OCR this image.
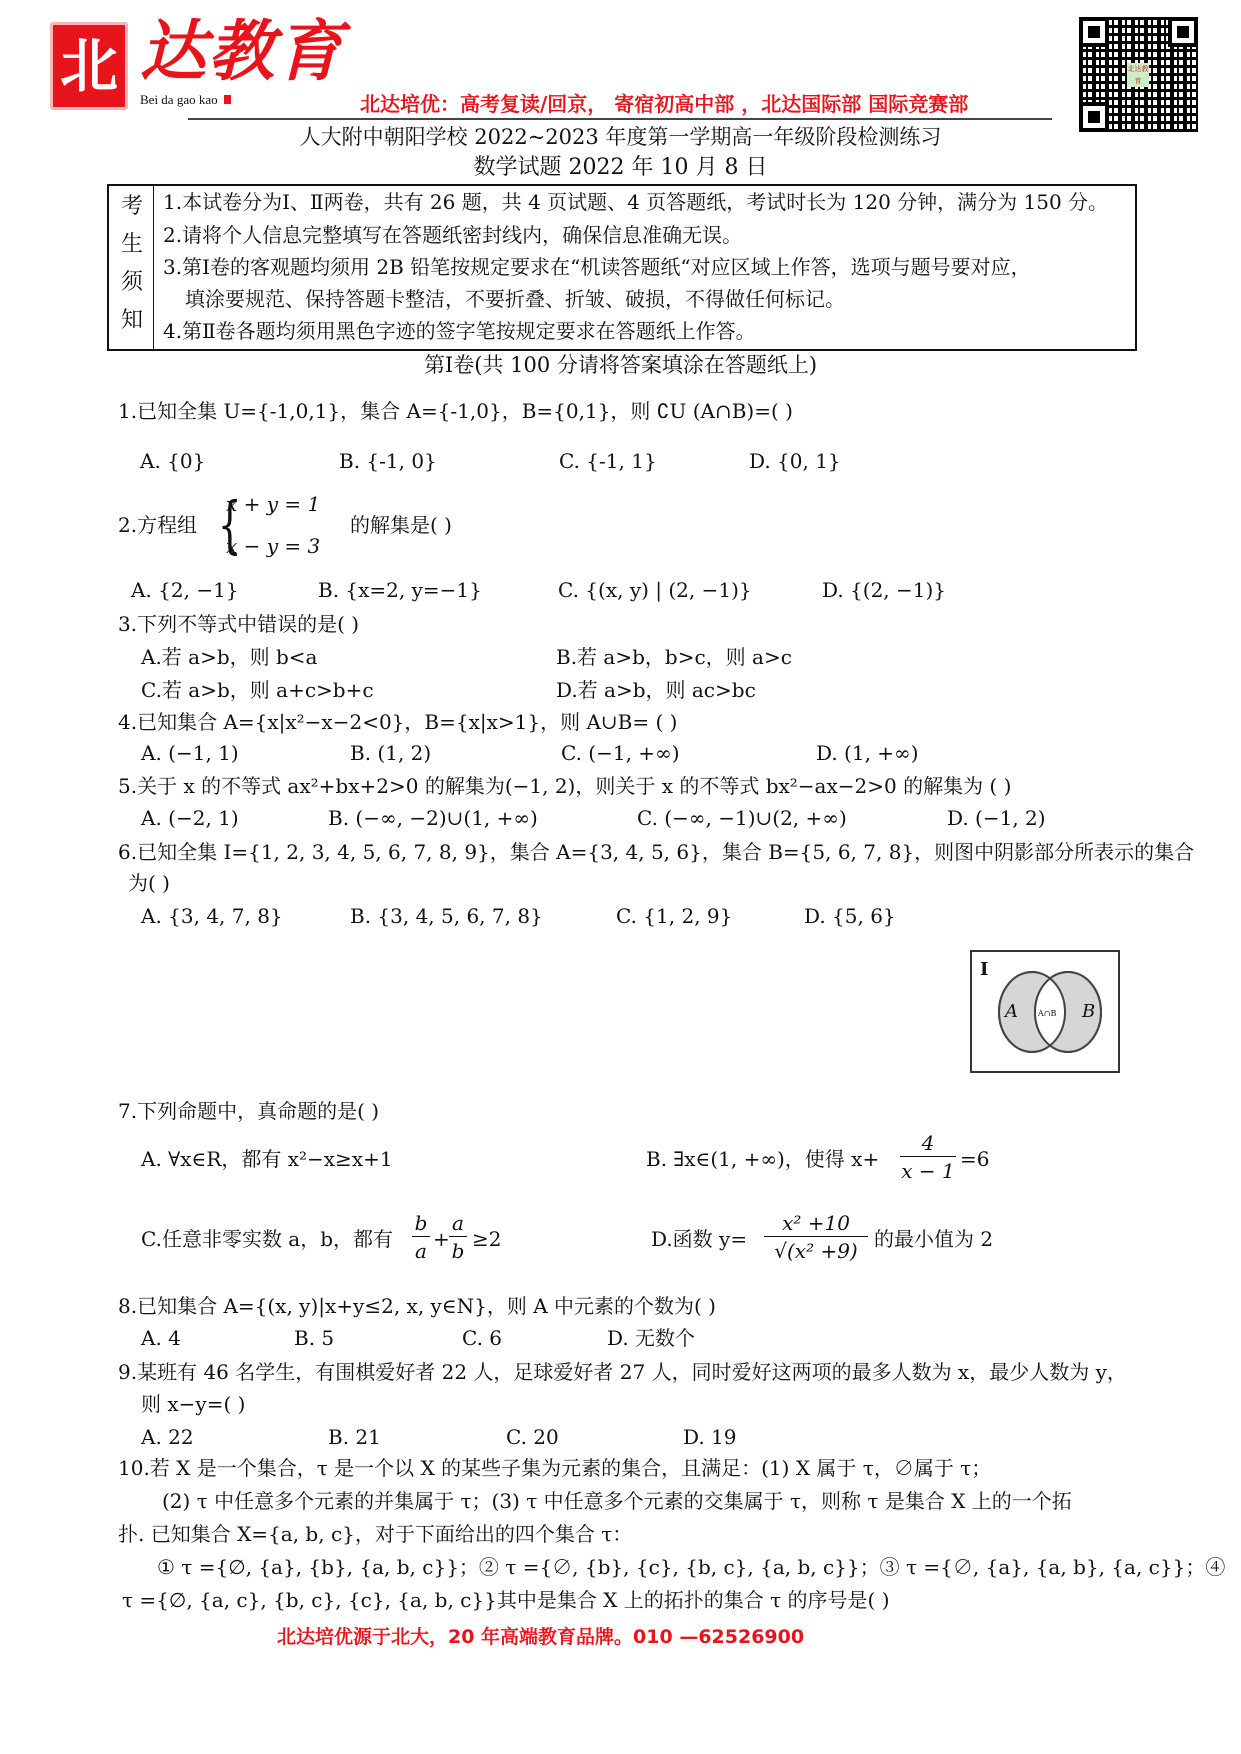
北 达教育
Bei da gao kao	北达培优：高考复读/回京， 寄宿初高中部 ，北达国际部 国际竞赛部
北达教育
人大附中朝阳学校 2022~2023 年度第一学期高一年级阶段检测练习
数学试题 2022 年 10 月 8 日
考
生
须
知
1.本试卷分为Ⅰ、Ⅱ两卷，共有 26 题，共 4 页试题、4 页答题纸，考试时长为 120 分钟，满分为 150 分。
2.请将个人信息完整填写在答题纸密封线内，确保信息准确无误。
3.第Ⅰ卷的客观题均须用 2B 铅笔按规定要求在“机读答题纸“对应区域上作答，选项与题号要对应，
填涂要规范、保持答题卡整洁，不要折叠、折皱、破损，不得做任何标记。
4.第Ⅱ卷各题均须用黑色字迹的签字笔按规定要求在答题纸上作答。
第Ⅰ卷(共 100 分请将答案填涂在答题纸上)
1.已知全集 U={-1,0,1}，集合 A={-1,0}，B={0,1}，则 ∁U (A∩B)=( )
A. {0}	B. {-1, 0}	C. {-1, 1}	D. {0, 1}
2.方程组 {
x + y = 1
x − y = 3
的解集是( )
A. {2, −1}	B. {x=2, y=−1}	C. {(x, y) | (2, −1)}	D. {(2, −1)}
3.下列不等式中错误的是( )
A.若 a>b，则 b<a	B.若 a>b，b>c，则 a>c
C.若 a>b，则 a+c>b+c	D.若 a>b，则 ac>bc
4.已知集合 A={x|x²−x−2<0}，B={x|x>1}，则 A∪B= ( )
A. (−1, 1)	B. (1, 2)	C. (−1, +∞)	D. (1, +∞)
5.关于 x 的不等式 ax²+bx+2>0 的解集为(−1, 2)，则关于 x 的不等式 bx²−ax−2>0 的解集为 ( )
A. (−2, 1)	B. (−∞, −2)∪(1, +∞)	C. (−∞, −1)∪(2, +∞)	D. (−1, 2)
6.已知全集 I={1, 2, 3, 4, 5, 6, 7, 8, 9}，集合 A={3, 4, 5, 6}，集合 B={5, 6, 7, 8}，则图中阴影部分所表示的集合
为( )
A. {3, 4, 7, 8}	B. {3, 4, 5, 6, 7, 8}	C. {1, 2, 9}	D. {5, 6}
I
A	A∩B B
7.下列命题中，真命题的是( )
A. ∀x∈R，都有 x²−x≥x+1	B. ∃x∈(1, +∞)，使得 $x+ \frac{4}{x - 1} =6$
C.任意非零实数 a，b，都有 $\frac{b}{a} + \frac{a}{b} \ge 2$	D.函数 $y= \frac{\text{x² +10}}{\text{√(x² +9)}}$ 的最小值为 2
8.已知集合 A={(x, y)|x+y≤2, x, y∈N}，则 A 中元素的个数为( )
A. 4	B. 5	C. 6	D. 无数个
9.某班有 46 名学生，有围棋爱好者 22 人，足球爱好者 27 人，同时爱好这两项的最多人数为 x，最少人数为 y，
则 x−y=( )
A. 22	B. 21	C. 20	D. 19
10.若 X 是一个集合，τ 是一个以 X 的某些子集为元素的集合，且满足：(1) X 属于 τ，∅属于 τ；
(2) τ 中任意多个元素的并集属于 τ；(3) τ 中任意多个元素的交集属于 τ，则称 τ 是集合 X 上的一个拓
扑. 已知集合 X={a, b, c}，对于下面给出的四个集合 τ：
① τ ={∅, {a}, {b}, {a, b, c}}；② τ ={∅, {b}, {c}, {b, c}, {a, b, c}}；③ τ ={∅, {a}, {a, b}, {a, c}}；④
τ ={∅, {a, c}, {b, c}, {c}, {a, b, c}}其中是集合 X 上的拓扑的集合 τ 的序号是( )
北达培优源于北大，20 年高端教育品牌。010 —62526900
